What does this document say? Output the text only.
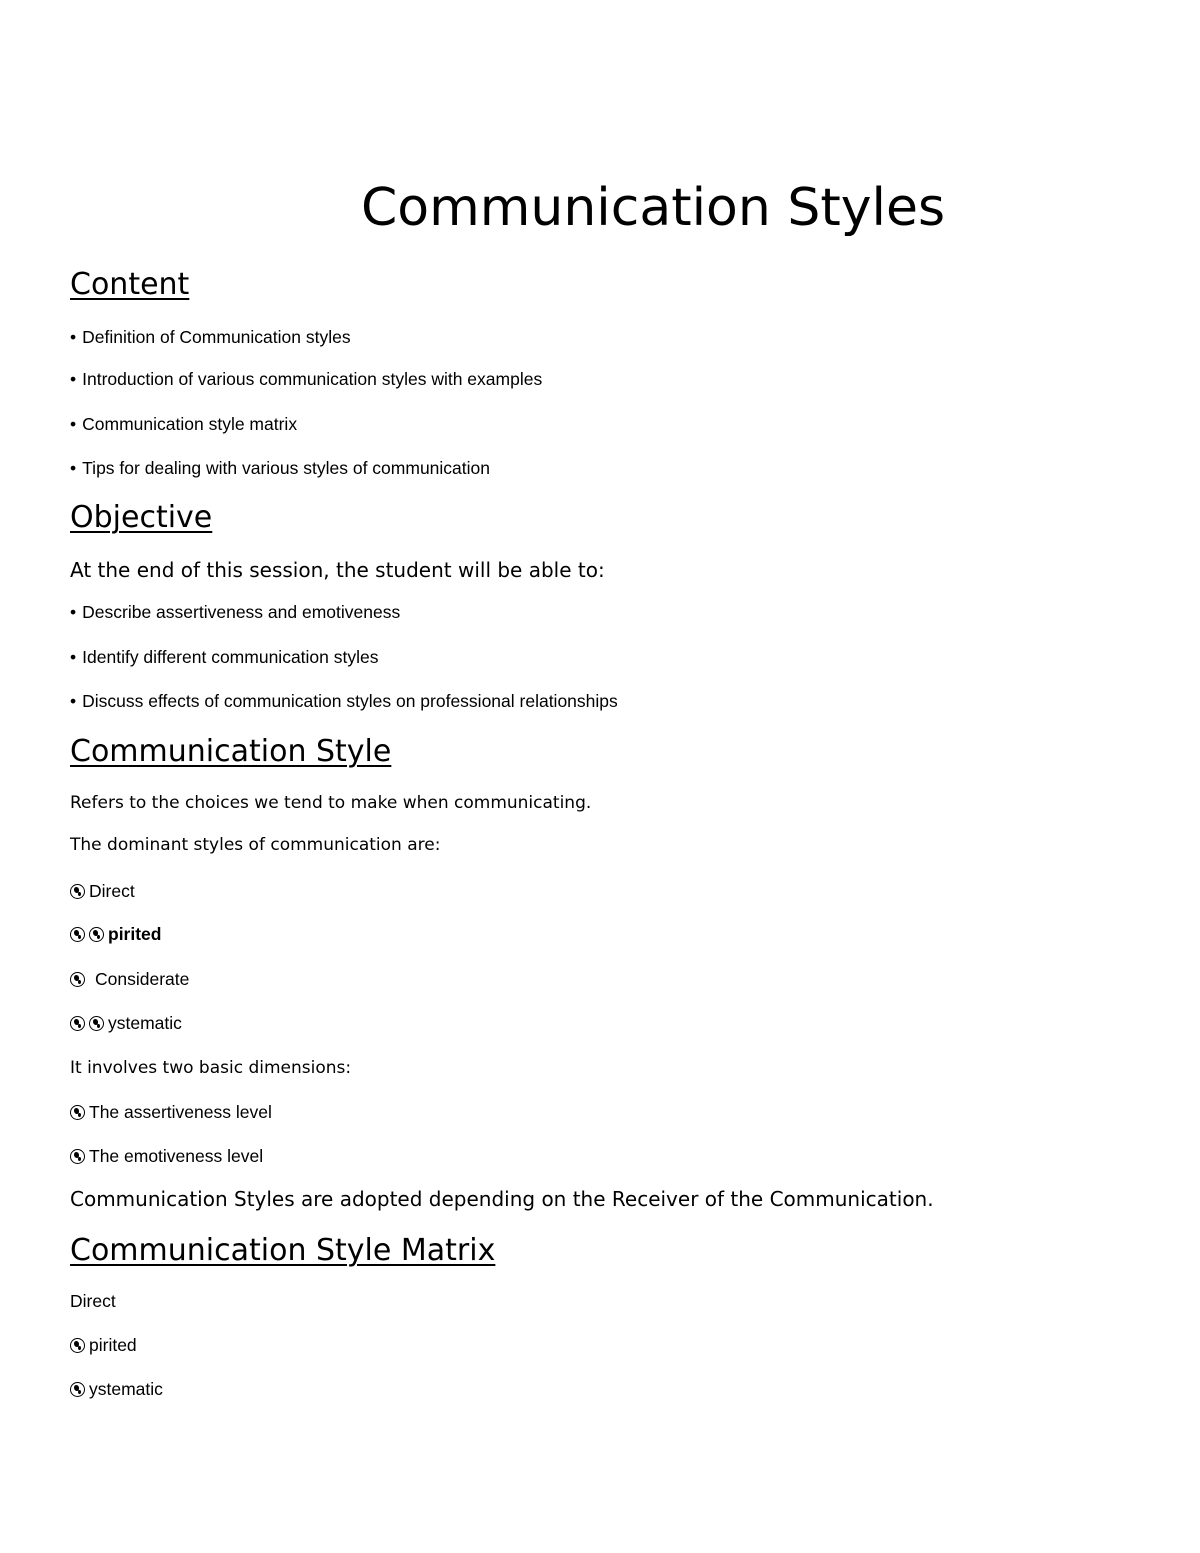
Communication Styles
Content
• Definition of Communication styles
• Introduction of various communication styles with examples
• Communication style matrix
• Tips for dealing with various styles of communication
Objective
At the end of this session, the student will be able to:
• Describe assertiveness and emotiveness
• Identify different communication styles
• Discuss effects of communication styles on professional relationships
Communication Style
Refers to the choices we tend to make when communicating.
The dominant styles of communication are:
Direct
pirited
Considerate
ystematic
It involves two basic dimensions:
The assertiveness level
The emotiveness level
Communication Styles are adopted depending on the Receiver of the Communication.
Communication Style Matrix
Direct
pirited
ystematic
